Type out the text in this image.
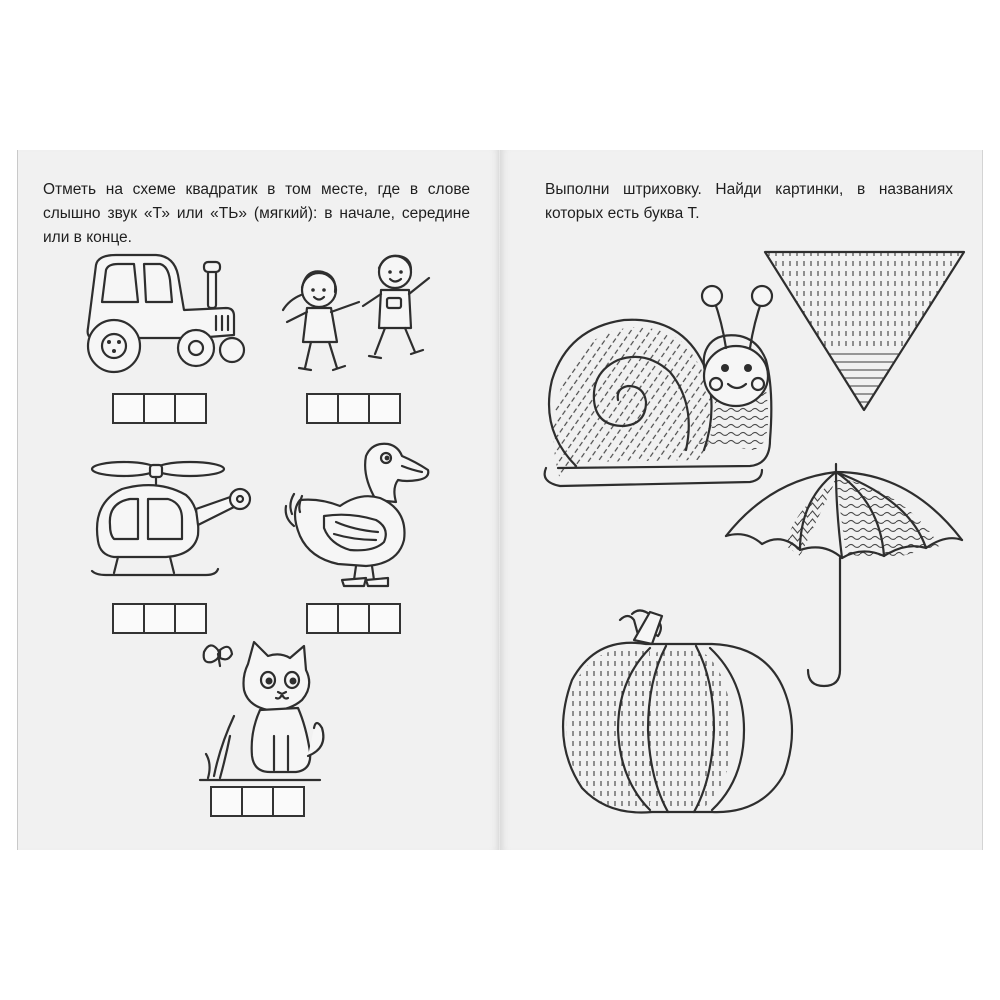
Отметь на схеме квадратик в том месте, где в слове слышно звук «Т» или «ТЬ» (мягкий): в начале, середине или в конце.

Выполни штриховку. Найди картинки, в названиях которых есть буква Т.
